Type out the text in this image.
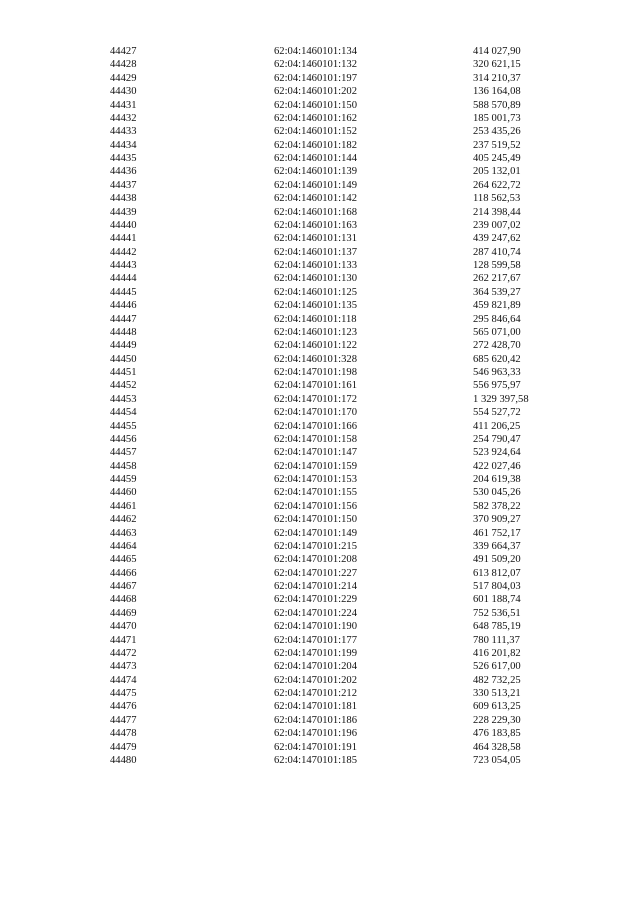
44427	62:04:1460101:134	414 027,90
44428	62:04:1460101:132	320 621,15
44429	62:04:1460101:197	314 210,37
44430	62:04:1460101:202	136 164,08
44431	62:04:1460101:150	588 570,89
44432	62:04:1460101:162	185 001,73
44433	62:04:1460101:152	253 435,26
44434	62:04:1460101:182	237 519,52
44435	62:04:1460101:144	405 245,49
44436	62:04:1460101:139	205 132,01
44437	62:04:1460101:149	264 622,72
44438	62:04:1460101:142	118 562,53
44439	62:04:1460101:168	214 398,44
44440	62:04:1460101:163	239 007,02
44441	62:04:1460101:131	439 247,62
44442	62:04:1460101:137	287 410,74
44443	62:04:1460101:133	128 599,58
44444	62:04:1460101:130	262 217,67
44445	62:04:1460101:125	364 539,27
44446	62:04:1460101:135	459 821,89
44447	62:04:1460101:118	295 846,64
44448	62:04:1460101:123	565 071,00
44449	62:04:1460101:122	272 428,70
44450	62:04:1460101:328	685 620,42
44451	62:04:1470101:198	546 963,33
44452	62:04:1470101:161	556 975,97
44453	62:04:1470101:172	1 329 397,58
44454	62:04:1470101:170	554 527,72
44455	62:04:1470101:166	411 206,25
44456	62:04:1470101:158	254 790,47
44457	62:04:1470101:147	523 924,64
44458	62:04:1470101:159	422 027,46
44459	62:04:1470101:153	204 619,38
44460	62:04:1470101:155	530 045,26
44461	62:04:1470101:156	582 378,22
44462	62:04:1470101:150	370 909,27
44463	62:04:1470101:149	461 752,17
44464	62:04:1470101:215	339 664,37
44465	62:04:1470101:208	491 509,20
44466	62:04:1470101:227	613 812,07
44467	62:04:1470101:214	517 804,03
44468	62:04:1470101:229	601 188,74
44469	62:04:1470101:224	752 536,51
44470	62:04:1470101:190	648 785,19
44471	62:04:1470101:177	780 111,37
44472	62:04:1470101:199	416 201,82
44473	62:04:1470101:204	526 617,00
44474	62:04:1470101:202	482 732,25
44475	62:04:1470101:212	330 513,21
44476	62:04:1470101:181	609 613,25
44477	62:04:1470101:186	228 229,30
44478	62:04:1470101:196	476 183,85
44479	62:04:1470101:191	464 328,58
44480	62:04:1470101:185	723 054,05
